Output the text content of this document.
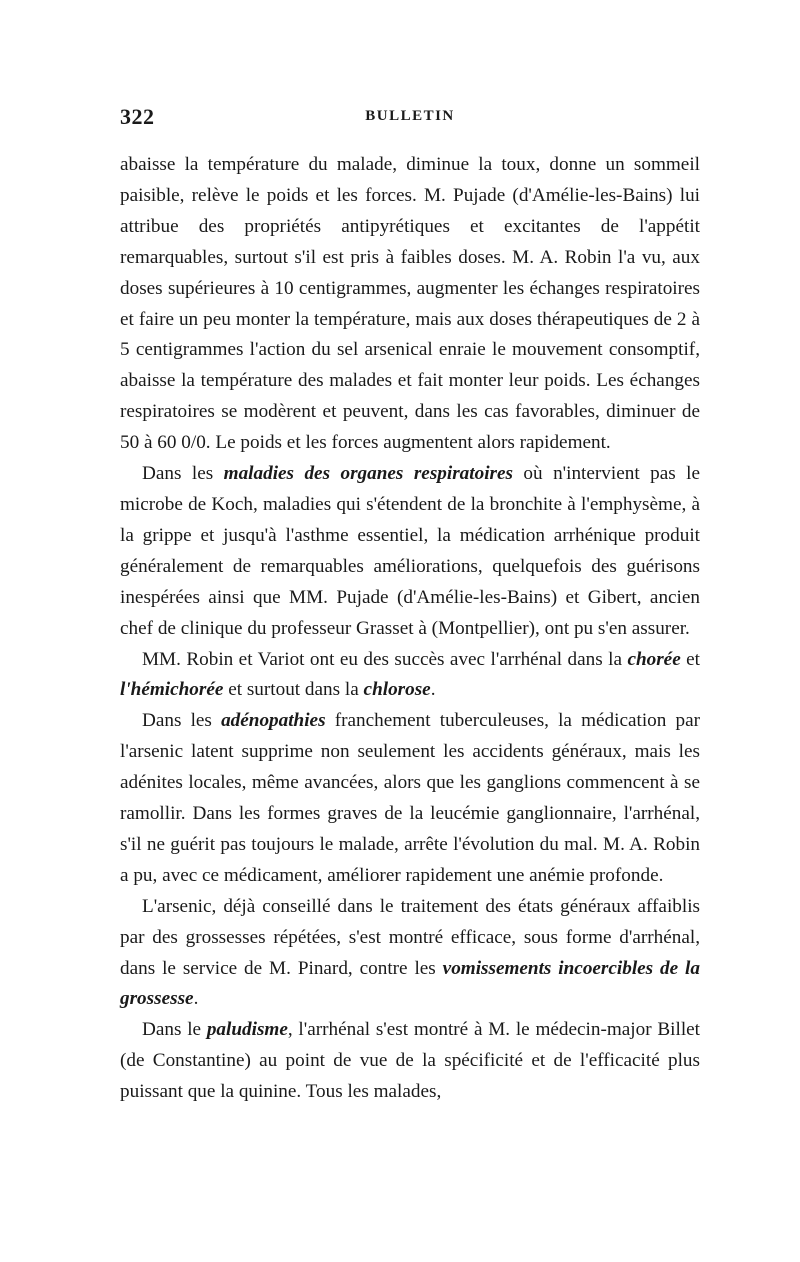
322	BULLETIN

abaisse la température du malade, diminue la toux, donne un sommeil paisible, relève le poids et les forces. M. Pujade (d'Amélie-les-Bains) lui attribue des propriétés antipyrétiques et excitantes de l'appétit remarquables, surtout s'il est pris à faibles doses. M. A. Robin l'a vu, aux doses supérieures à 10 centigrammes, augmenter les échanges respiratoires et faire un peu monter la température, mais aux doses thérapeutiques de 2 à 5 centigrammes l'action du sel arsenical enraie le mouvement consomptif, abaisse la température des malades et fait monter leur poids. Les échanges respiratoires se modèrent et peuvent, dans les cas favorables, diminuer de 50 à 60 0/0. Le poids et les forces augmentent alors rapidement.

Dans les maladies des organes respiratoires où n'intervient pas le microbe de Koch, maladies qui s'étendent de la bronchite à l'emphysème, à la grippe et jusqu'à l'asthme essentiel, la médication arrhénique produit généralement de remarquables améliorations, quelquefois des guérisons inespérées ainsi que MM. Pujade (d'Amélie-les-Bains) et Gibert, ancien chef de clinique du professeur Grasset à (Montpellier), ont pu s'en assurer.

MM. Robin et Variot ont eu des succès avec l'arrhénal dans la chorée et l'hémichorée et surtout dans la chlorose.

Dans les adénopathies franchement tuberculeuses, la médication par l'arsenic latent supprime non seulement les accidents généraux, mais les adénites locales, même avancées, alors que les ganglions commencent à se ramollir. Dans les formes graves de la leucémie ganglionnaire, l'arrhénal, s'il ne guérit pas toujours le malade, arrête l'évolution du mal. M. A. Robin a pu, avec ce médicament, améliorer rapidement une anémie profonde.

L'arsenic, déjà conseillé dans le traitement des états généraux affaiblis par des grossesses répétées, s'est montré efficace, sous forme d'arrhénal, dans le service de M. Pinard, contre les vomissements incoercibles de la grossesse.

Dans le paludisme, l'arrhénal s'est montré à M. le médecin-major Billet (de Constantine) au point de vue de la spécificité et de l'efficacité plus puissant que la quinine. Tous les malades,
